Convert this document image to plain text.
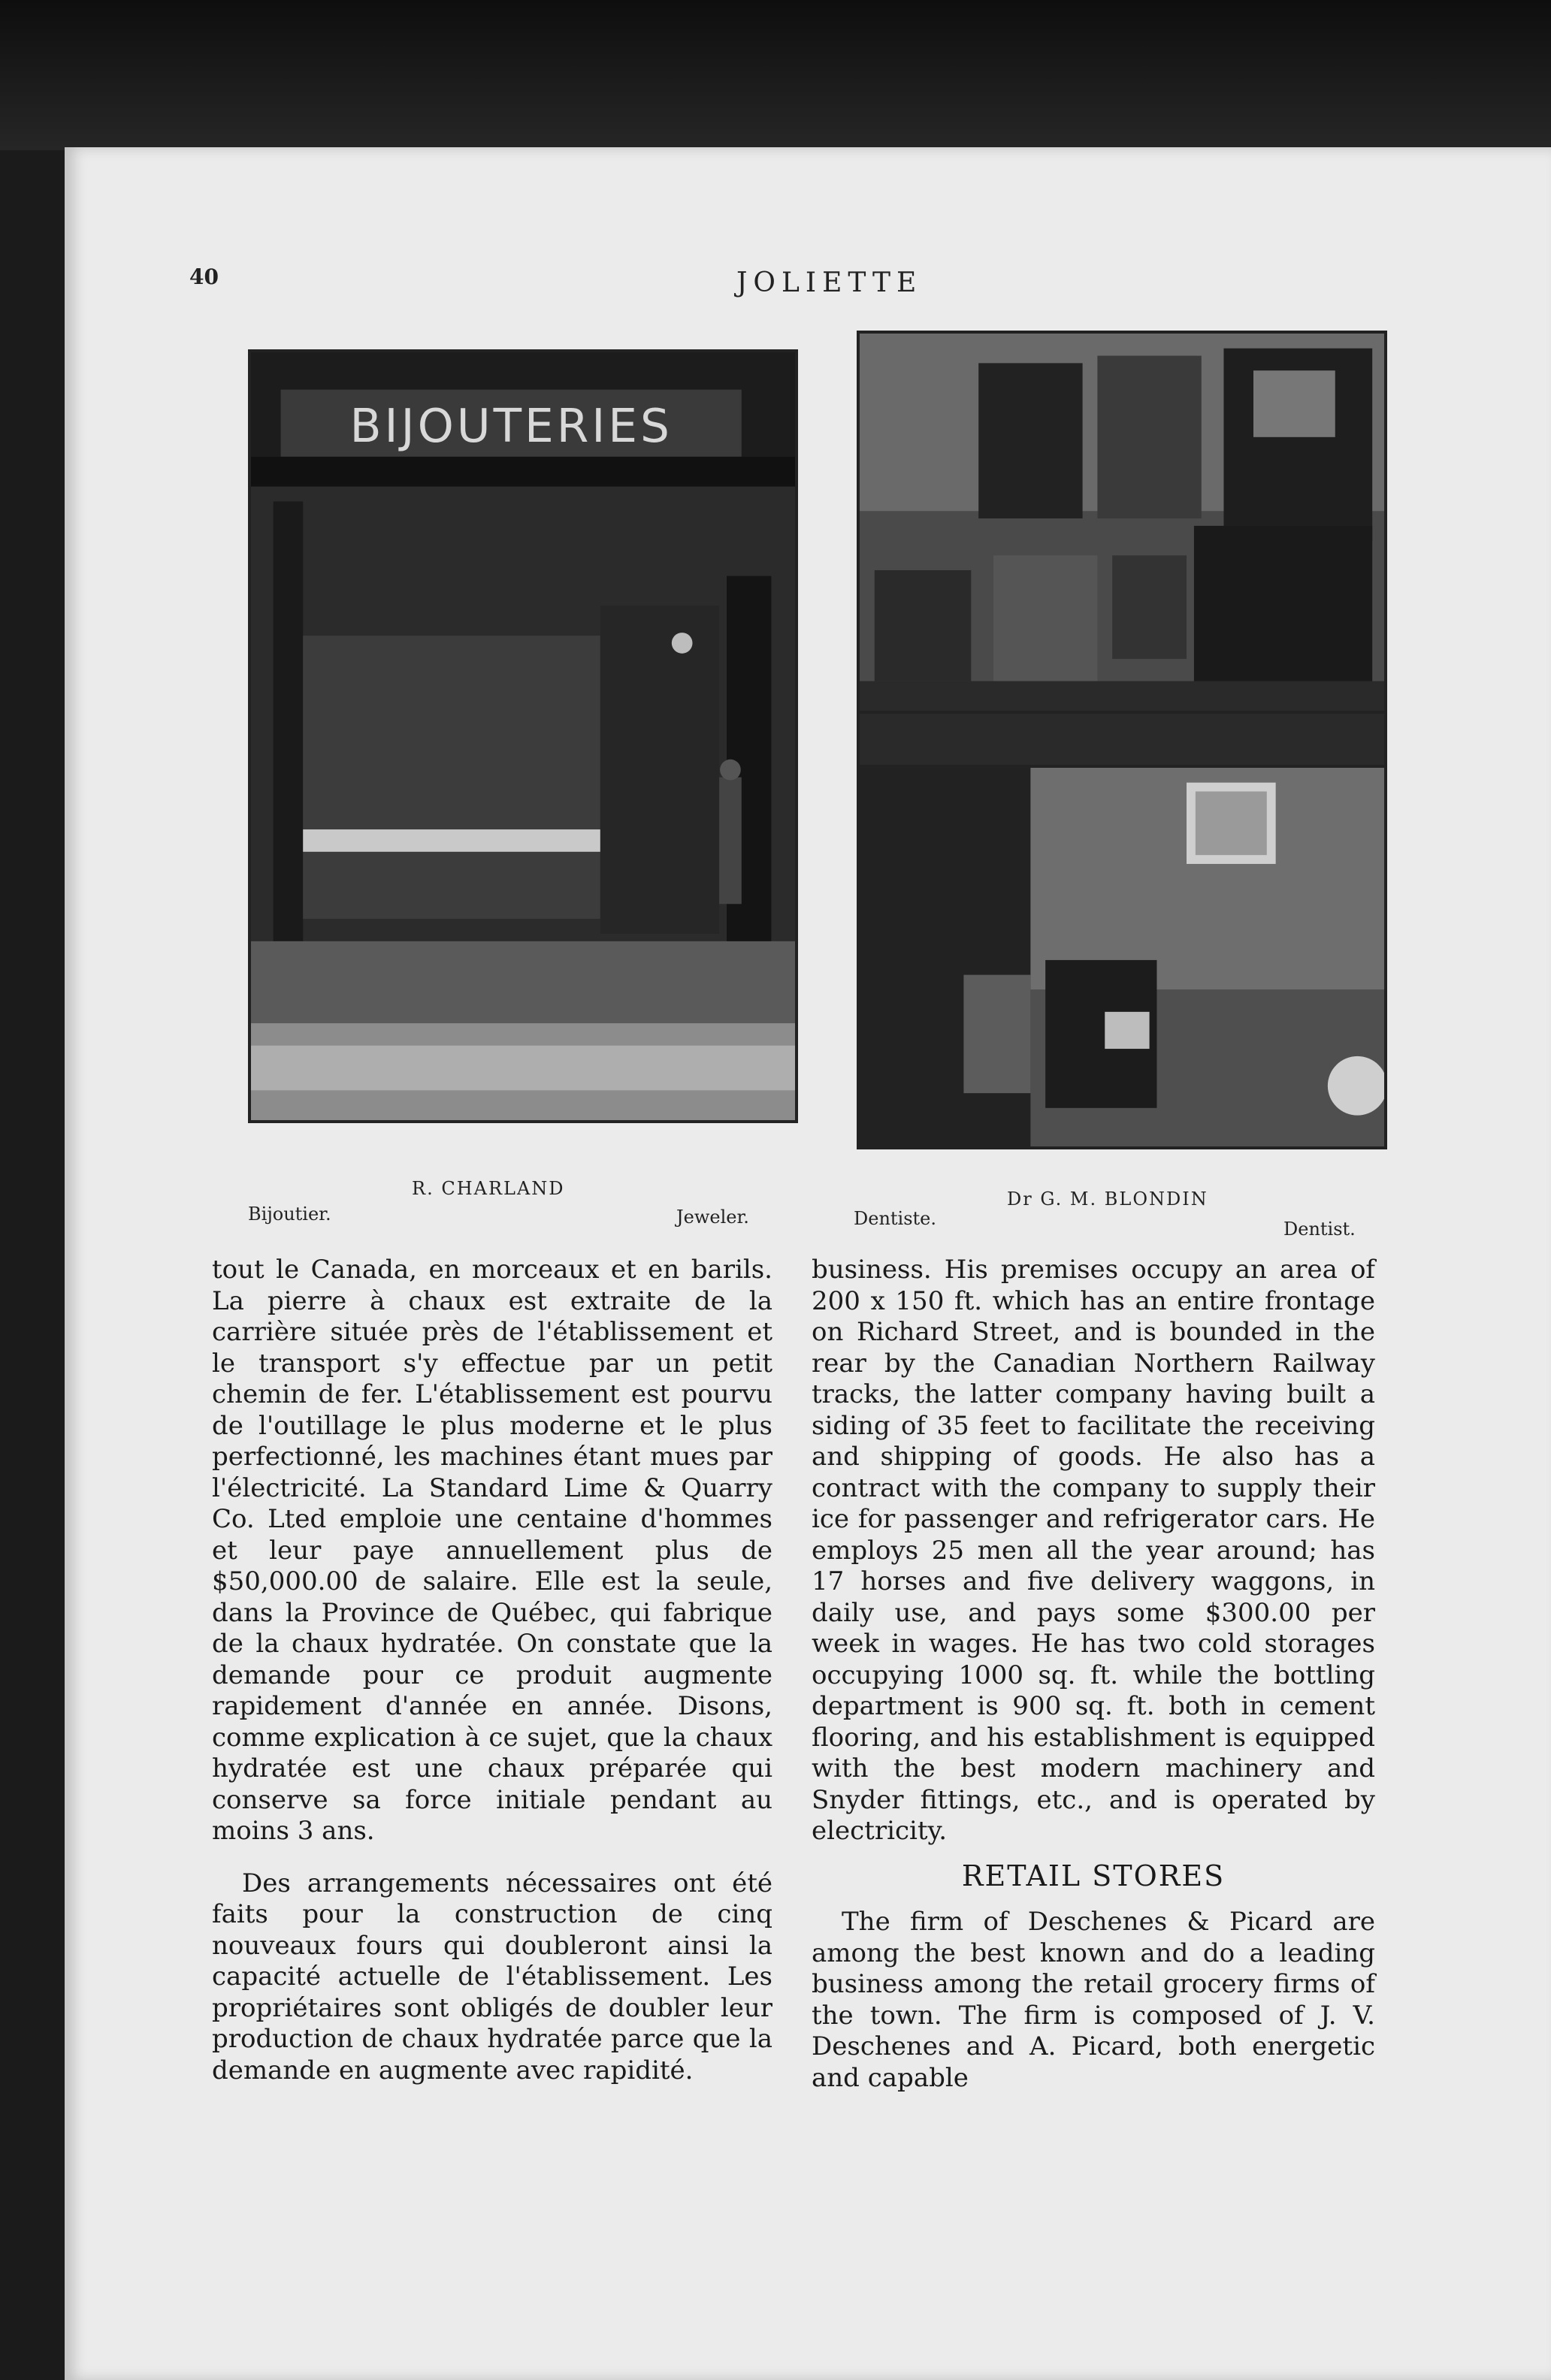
40	JOLIETTE
BIJOUTERIES
R. CHARLAND
Bijoutier.	Jeweler.
Dr G. M. BLONDIN
Dentiste.	Dentist.

tout le Canada, en morceaux et en barils. La pierre à chaux est extraite de la carrière située près de l'établissement et le transport s'y effectue par un petit chemin de fer. L'établissement est pourvu de l'outillage le plus moderne et le plus perfectionné, les machines étant mues par l'électricité. La Standard Lime & Quarry Co. Lted emploie une centaine d'hommes et leur paye annuellement plus de $50,000.00 de salaire. Elle est la seule, dans la Province de Québec, qui fabrique de la chaux hydratée. On constate que la demande pour ce produit augmente rapidement d'année en année. Disons, comme explication à ce sujet, que la chaux hydratée est une chaux préparée qui conserve sa force initiale pendant au moins 3 ans.

Des arrangements nécessaires ont été faits pour la construction de cinq nouveaux fours qui doubleront ainsi la capacité actuelle de l'établissement. Les propriétaires sont obligés de doubler leur production de chaux hydratée parce que la demande en augmente avec rapidité.

business. His premises occupy an area of 200 x 150 ft. which has an entire frontage on Richard Street, and is bounded in the rear by the Canadian Northern Railway tracks, the latter company having built a siding of 35 feet to facilitate the receiving and shipping of goods. He also has a contract with the company to supply their ice for passenger and refrigerator cars. He employs 25 men all the year around; has 17 horses and five delivery waggons, in daily use, and pays some $300.00 per week in wages. He has two cold storages occupying 1000 sq. ft. while the bottling department is 900 sq. ft. both in cement flooring, and his establishment is equipped with the best modern machinery and Snyder fittings, etc., and is operated by electricity.

RETAIL STORES

The firm of Deschenes & Picard are among the best known and do a leading business among the retail grocery firms of the town. The firm is composed of J. V. Deschenes and A. Picard, both energetic and capable
